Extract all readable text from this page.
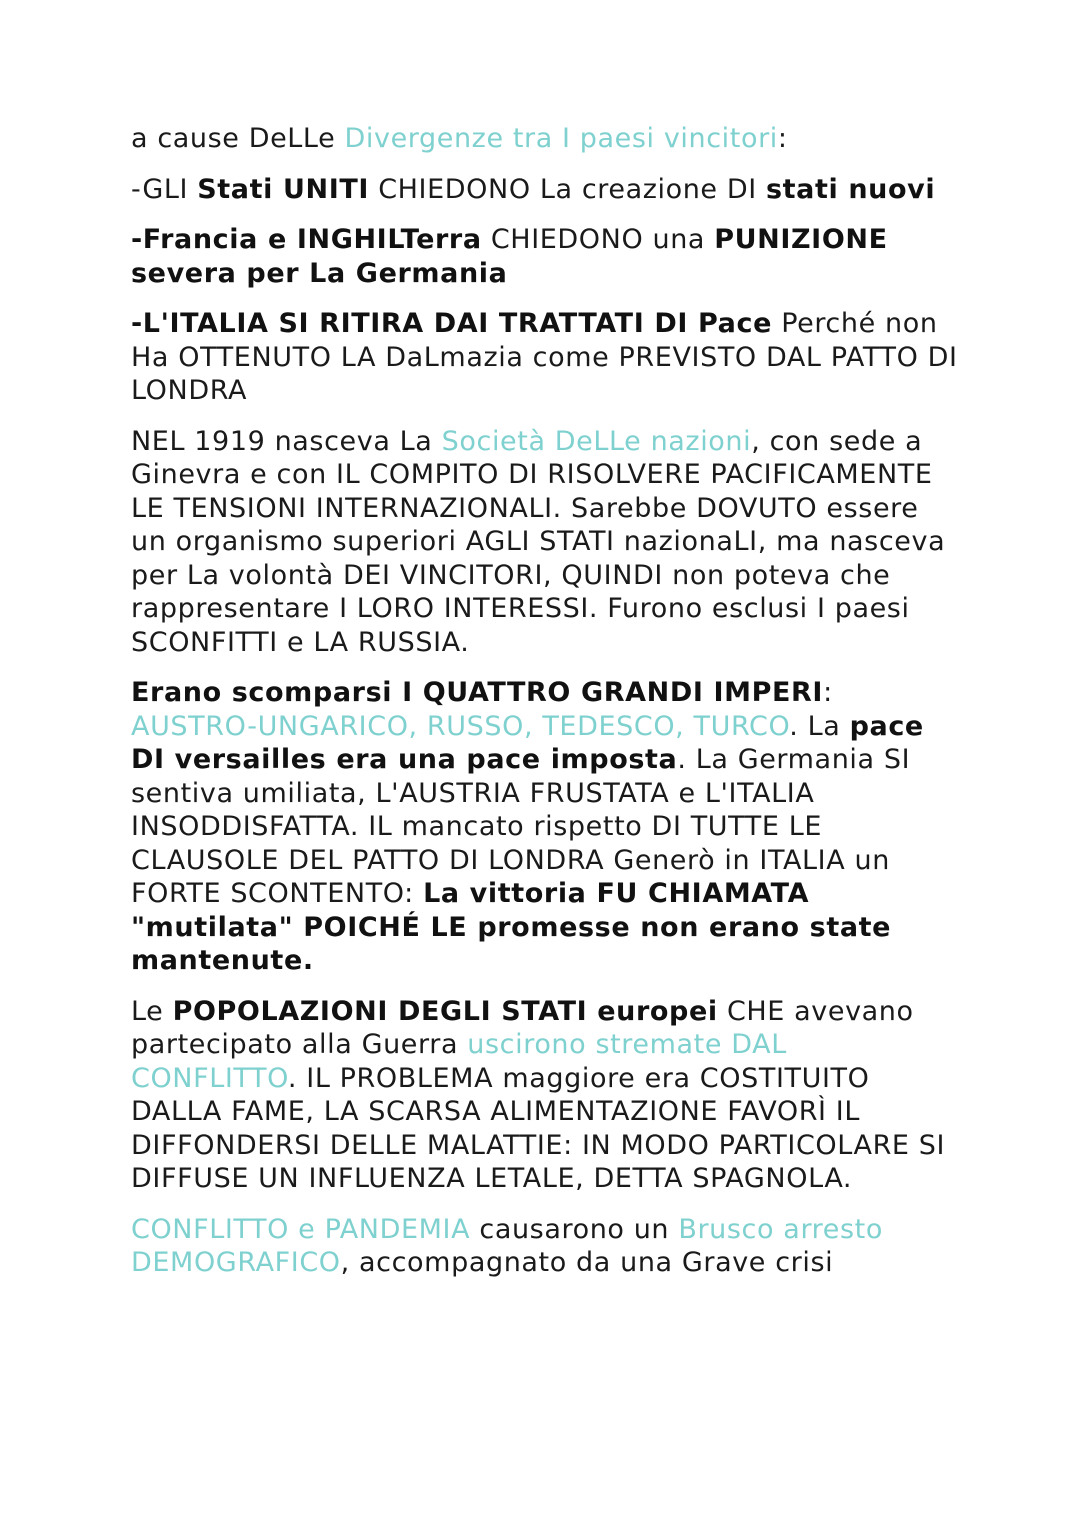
a cause DeLLe Divergenze tra I paesi vincitori:

-GLI Stati UNITI CHIEDONO La creazione DI stati nuovi

-Francia e INGHILTerra CHIEDONO una PUNIZIONE severa per La Germania

-L'ITALIA SI RITIRA DAI TRATTATI DI Pace Perché non Ha OTTENUTO LA DaLmazia come PREVISTO DAL PATTO DI LONDRA

NEL 1919 nasceva La Società DeLLe nazioni, con sede a Ginevra e con IL COMPITO DI RISOLVERE PACIFICAMENTE LE TENSIONI INTERNAZIONALI. Sarebbe DOVUTO essere un organismo superiori AGLI STATI nazionaLI, ma nasceva per La volontà DEI VINCITORI, QUINDI non poteva che rappresentare I LORO INTERESSI. Furono esclusi I paesi SCONFITTI e LA RUSSIA.

Erano scomparsi I QUATTRO GRANDI IMPERI: AUSTRO-UNGARICO, RUSSO, TEDESCO, TURCO. La pace DI versailles era una pace imposta. La Germania SI sentiva umiliata, L'AUSTRIA FRUSTATA e L'ITALIA INSODDISFATTA. IL mancato rispetto DI TUTTE LE CLAUSOLE DEL PATTO DI LONDRA Generò in ITALIA un FORTE SCONTENTO: La vittoria FU CHIAMATA "mutilata" POICHÉ LE promesse non erano state mantenute.

Le POPOLAZIONI DEGLI STATI europei CHE avevano partecipato alla Guerra uscirono stremate DAL CONFLITTO. IL PROBLEMA maggiore era COSTITUITO DALLA FAME, LA SCARSA ALIMENTAZIONE FAVORÌ IL DIFFONDERSI DELLE MALATTIE: IN MODO PARTICOLARE SI DIFFUSE UN INFLUENZA LETALE, DETTA SPAGNOLA.

CONFLITTO e PANDEMIA causarono un Brusco arresto DEMOGRAFICO, accompagnato da una Grave crisi
